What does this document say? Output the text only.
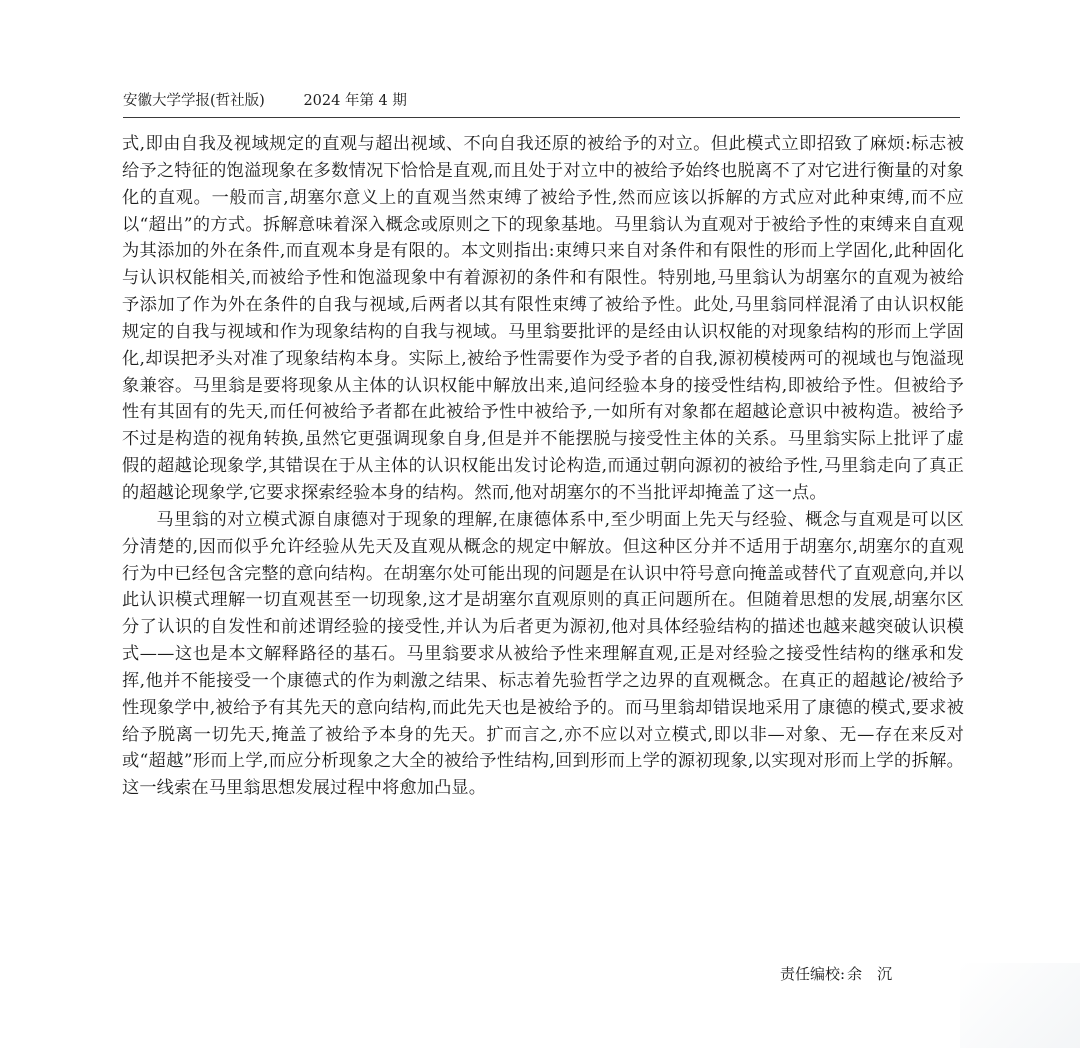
安徽大学学报(哲社版)	2024 年第 4 期

式,即由自我及视域规定的直观与超出视域、不向自我还原的被给予的对立。但此模式立即招致了麻烦:标志被给予之特征的饱溢现象在多数情况下恰恰是直观,而且处于对立中的被给予始终也脱离不了对它进行衡量的对象化的直观。一般而言,胡塞尔意义上的直观当然束缚了被给予性,然而应该以拆解的方式应对此种束缚,而不应以“超出”的方式。拆解意味着深入概念或原则之下的现象基地。马里翁认为直观对于被给予性的束缚来自直观为其添加的外在条件,而直观本身是有限的。本文则指出:束缚只来自对条件和有限性的形而上学固化,此种固化与认识权能相关,而被给予性和饱溢现象中有着源初的条件和有限性。特别地,马里翁认为胡塞尔的直观为被给予添加了作为外在条件的自我与视域,后两者以其有限性束缚了被给予性。此处,马里翁同样混淆了由认识权能规定的自我与视域和作为现象结构的自我与视域。马里翁要批评的是经由认识权能的对现象结构的形而上学固化,却误把矛头对准了现象结构本身。实际上,被给予性需要作为受予者的自我,源初模棱两可的视域也与饱溢现象兼容。马里翁是要将现象从主体的认识权能中解放出来,追问经验本身的接受性结构,即被给予性。但被给予性有其固有的先天,而任何被给予者都在此被给予性中被给予,一如所有对象都在超越论意识中被构造。被给予不过是构造的视角转换,虽然它更强调现象自身,但是并不能摆脱与接受性主体的关系。马里翁实际上批评了虚假的超越论现象学,其错误在于从主体的认识权能出发讨论构造,而通过朝向源初的被给予性,马里翁走向了真正的超越论现象学,它要求探索经验本身的结构。然而,他对胡塞尔的不当批评却掩盖了这一点。

马里翁的对立模式源自康德对于现象的理解,在康德体系中,至少明面上先天与经验、概念与直观是可以区分清楚的,因而似乎允许经验从先天及直观从概念的规定中解放。但这种区分并不适用于胡塞尔,胡塞尔的直观行为中已经包含完整的意向结构。在胡塞尔处可能出现的问题是在认识中符号意向掩盖或替代了直观意向,并以此认识模式理解一切直观甚至一切现象,这才是胡塞尔直观原则的真正问题所在。但随着思想的发展,胡塞尔区分了认识的自发性和前述谓经验的接受性,并认为后者更为源初,他对具体经验结构的描述也越来越突破认识模式——这也是本文解释路径的基石。马里翁要求从被给予性来理解直观,正是对经验之接受性结构的继承和发挥,他并不能接受一个康德式的作为刺激之结果、标志着先验哲学之边界的直观概念。在真正的超越论/被给予性现象学中,被给予有其先天的意向结构,而此先天也是被给予的。而马里翁却错误地采用了康德的模式,要求被给予脱离一切先天,掩盖了被给予本身的先天。扩而言之,亦不应以对立模式,即以非—对象、无—存在来反对或“超越”形而上学,而应分析现象之大全的被给予性结构,回到形而上学的源初现象,以实现对形而上学的拆解。这一线索在马里翁思想发展过程中将愈加凸显。

责任编校: 余　沉
